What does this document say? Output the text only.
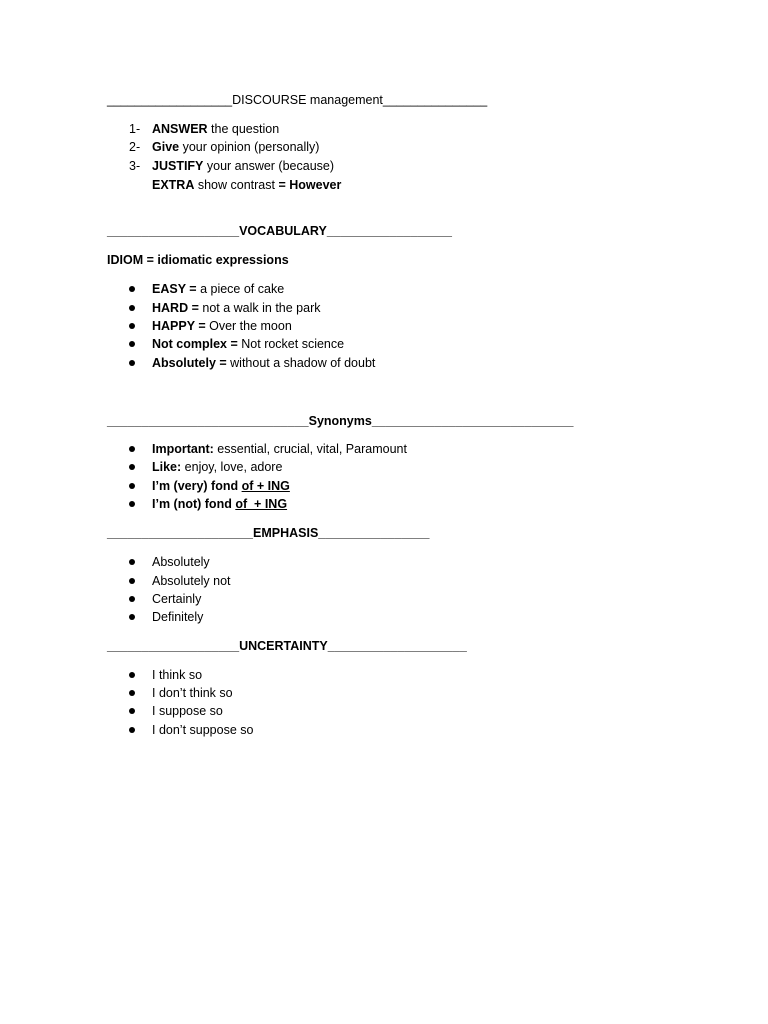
__________________DISCOURSE management_______________
1- ANSWER the question
2- Give your opinion (personally)
3- JUSTIFY your answer (because)
EXTRA show contrast = However
___________________VOCABULARY__________________
IDIOM = idiomatic expressions
EASY = a piece of cake
HARD = not a walk in the park
HAPPY = Over the moon
Not complex = Not rocket science
Absolutely = without a shadow of doubt
_____________________________Synonyms_____________________________
Important: essential, crucial, vital, Paramount
Like: enjoy, love, adore
I’m (very) fond of + ING
I’m (not) fond of  + ING
_____________________EMPHASIS________________
Absolutely
Absolutely not
Certainly
Definitely
___________________UNCERTAINTY____________________
I think so
I don’t think so
I suppose so
I don’t suppose so
